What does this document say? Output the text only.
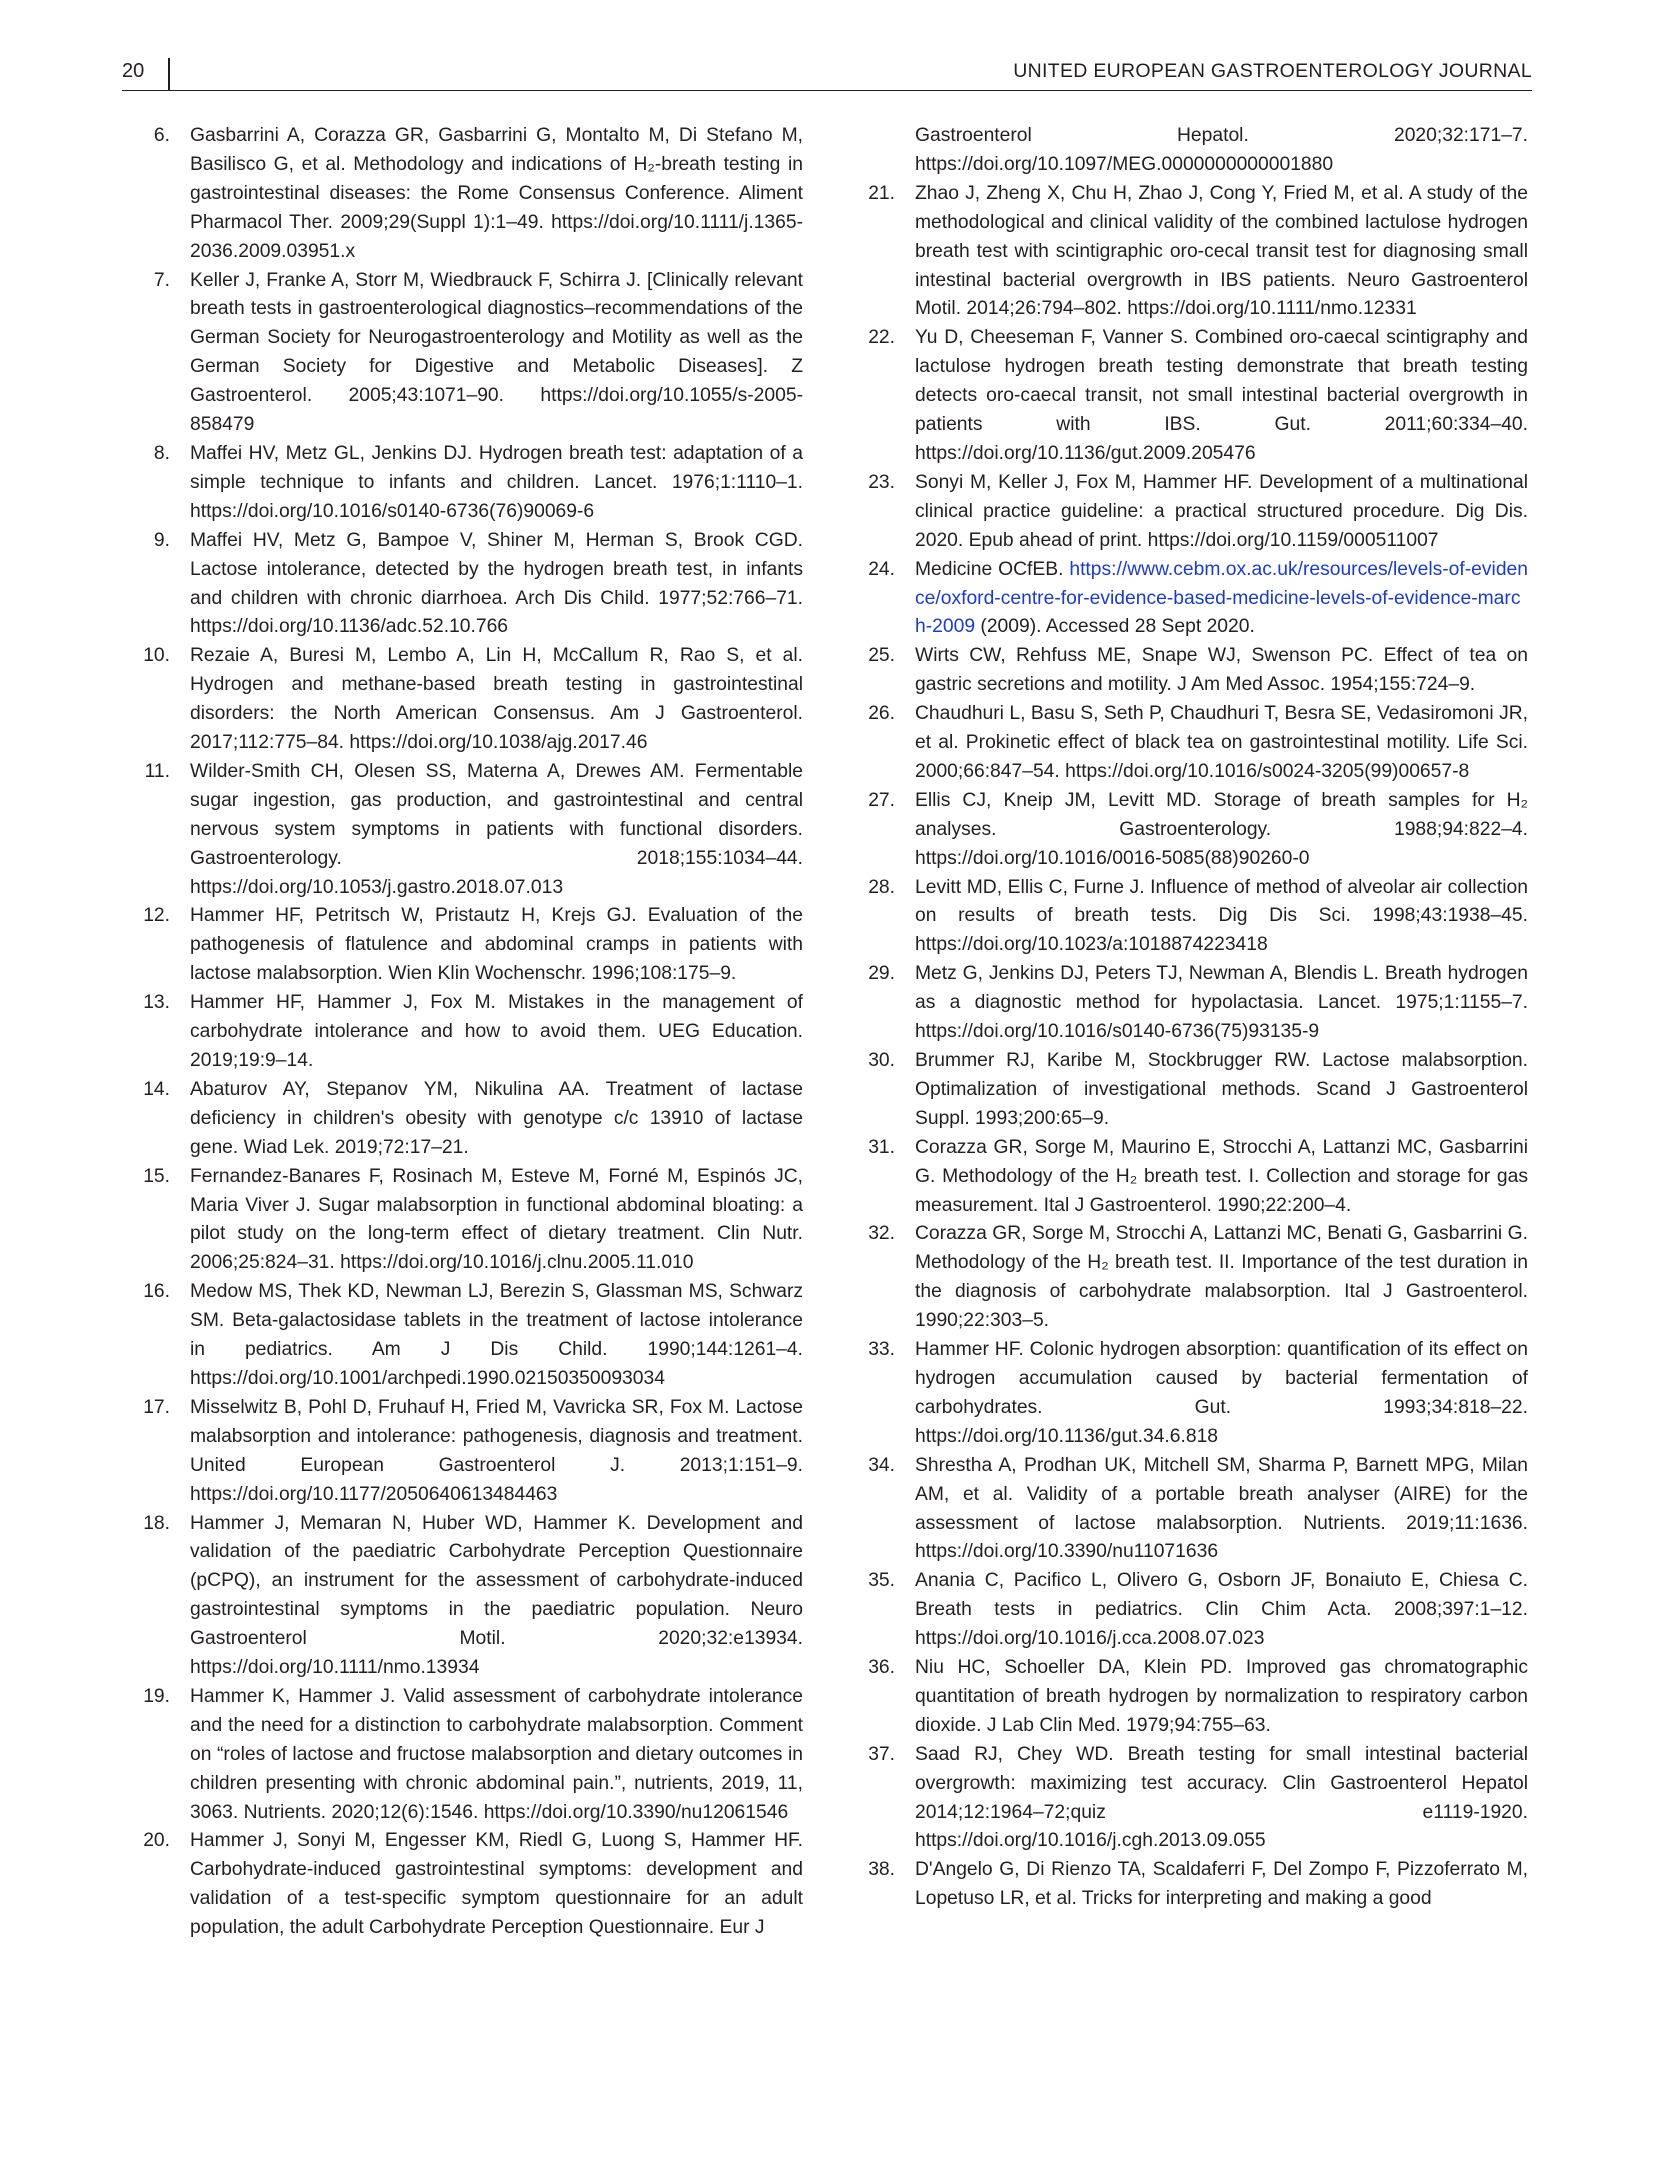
20	UNITED EUROPEAN GASTROENTEROLOGY JOURNAL

6. Gasbarrini A, Corazza GR, Gasbarrini G, Montalto M, Di Stefano M, Basilisco G, et al. Methodology and indications of H₂-breath testing in gastrointestinal diseases: the Rome Consensus Conference. Aliment Pharmacol Ther. 2009;29(Suppl 1):1–49. https://doi.org/10.1111/j.1365-2036.2009.03951.x

7. Keller J, Franke A, Storr M, Wiedbrauck F, Schirra J. [Clinically relevant breath tests in gastroenterological diagnostics–recommendations of the German Society for Neurogastroenterology and Motility as well as the German Society for Digestive and Metabolic Diseases]. Z Gastroenterol. 2005;43:1071–90. https://doi.org/10.1055/s-2005-858479

8. Maffei HV, Metz GL, Jenkins DJ. Hydrogen breath test: adaptation of a simple technique to infants and children. Lancet. 1976;1:1110–1. https://doi.org/10.1016/s0140-6736(76)90069-6

9. Maffei HV, Metz G, Bampoe V, Shiner M, Herman S, Brook CGD. Lactose intolerance, detected by the hydrogen breath test, in infants and children with chronic diarrhoea. Arch Dis Child. 1977;52:766–71. https://doi.org/10.1136/adc.52.10.766

10. Rezaie A, Buresi M, Lembo A, Lin H, McCallum R, Rao S, et al. Hydrogen and methane-based breath testing in gastrointestinal disorders: the North American Consensus. Am J Gastroenterol. 2017;112:775–84. https://doi.org/10.1038/ajg.2017.46

11. Wilder-Smith CH, Olesen SS, Materna A, Drewes AM. Fermentable sugar ingestion, gas production, and gastrointestinal and central nervous system symptoms in patients with functional disorders. Gastroenterology. 2018;155:1034–44. https://doi.org/10.1053/j.gastro.2018.07.013

12. Hammer HF, Petritsch W, Pristautz H, Krejs GJ. Evaluation of the pathogenesis of flatulence and abdominal cramps in patients with lactose malabsorption. Wien Klin Wochenschr. 1996;108:175–9.

13. Hammer HF, Hammer J, Fox M. Mistakes in the management of carbohydrate intolerance and how to avoid them. UEG Education. 2019;19:9–14.

14. Abaturov AY, Stepanov YM, Nikulina AA. Treatment of lactase deficiency in children's obesity with genotype c/c 13910 of lactase gene. Wiad Lek. 2019;72:17–21.

15. Fernandez-Banares F, Rosinach M, Esteve M, Forné M, Espinós JC, Maria Viver J. Sugar malabsorption in functional abdominal bloating: a pilot study on the long-term effect of dietary treatment. Clin Nutr. 2006;25:824–31. https://doi.org/10.1016/j.clnu.2005.11.010

16. Medow MS, Thek KD, Newman LJ, Berezin S, Glassman MS, Schwarz SM. Beta-galactosidase tablets in the treatment of lactose intolerance in pediatrics. Am J Dis Child. 1990;144:1261–4. https://doi.org/10.1001/archpedi.1990.02150350093034

17. Misselwitz B, Pohl D, Fruhauf H, Fried M, Vavricka SR, Fox M. Lactose malabsorption and intolerance: pathogenesis, diagnosis and treatment. United European Gastroenterol J. 2013;1:151–9. https://doi.org/10.1177/2050640613484463

18. Hammer J, Memaran N, Huber WD, Hammer K. Development and validation of the paediatric Carbohydrate Perception Questionnaire (pCPQ), an instrument for the assessment of carbohydrate-induced gastrointestinal symptoms in the paediatric population. Neuro Gastroenterol Motil. 2020;32:e13934. https://doi.org/10.1111/nmo.13934

19. Hammer K, Hammer J. Valid assessment of carbohydrate intolerance and the need for a distinction to carbohydrate malabsorption. Comment on “roles of lactose and fructose malabsorption and dietary outcomes in children presenting with chronic abdominal pain.”, nutrients, 2019, 11, 3063. Nutrients. 2020;12(6):1546. https://doi.org/10.3390/nu12061546

20. Hammer J, Sonyi M, Engesser KM, Riedl G, Luong S, Hammer HF. Carbohydrate-induced gastrointestinal symptoms: development and validation of a test-specific symptom questionnaire for an adult population, the adult Carbohydrate Perception Questionnaire. Eur J

Gastroenterol Hepatol. 2020;32:171–7. https://doi.org/10.1097/MEG.0000000000001880

21. Zhao J, Zheng X, Chu H, Zhao J, Cong Y, Fried M, et al. A study of the methodological and clinical validity of the combined lactulose hydrogen breath test with scintigraphic oro-cecal transit test for diagnosing small intestinal bacterial overgrowth in IBS patients. Neuro Gastroenterol Motil. 2014;26:794–802. https://doi.org/10.1111/nmo.12331

22. Yu D, Cheeseman F, Vanner S. Combined oro-caecal scintigraphy and lactulose hydrogen breath testing demonstrate that breath testing detects oro-caecal transit, not small intestinal bacterial overgrowth in patients with IBS. Gut. 2011;60:334–40. https://doi.org/10.1136/gut.2009.205476

23. Sonyi M, Keller J, Fox M, Hammer HF. Development of a multinational clinical practice guideline: a practical structured procedure. Dig Dis. 2020. Epub ahead of print. https://doi.org/10.1159/000511007

24. Medicine OCfEB. https://www.cebm.ox.ac.uk/resources/levels-of-evidence/oxford-centre-for-evidence-based-medicine-levels-of-evidence-march-2009 (2009). Accessed 28 Sept 2020.

25. Wirts CW, Rehfuss ME, Snape WJ, Swenson PC. Effect of tea on gastric secretions and motility. J Am Med Assoc. 1954;155:724–9.

26. Chaudhuri L, Basu S, Seth P, Chaudhuri T, Besra SE, Vedasiromoni JR, et al. Prokinetic effect of black tea on gastrointestinal motility. Life Sci. 2000;66:847–54. https://doi.org/10.1016/s0024-3205(99)00657-8

27. Ellis CJ, Kneip JM, Levitt MD. Storage of breath samples for H₂ analyses. Gastroenterology. 1988;94:822–4. https://doi.org/10.1016/0016-5085(88)90260-0

28. Levitt MD, Ellis C, Furne J. Influence of method of alveolar air collection on results of breath tests. Dig Dis Sci. 1998;43:1938–45. https://doi.org/10.1023/a:1018874223418

29. Metz G, Jenkins DJ, Peters TJ, Newman A, Blendis L. Breath hydrogen as a diagnostic method for hypolactasia. Lancet. 1975;1:1155–7. https://doi.org/10.1016/s0140-6736(75)93135-9

30. Brummer RJ, Karibe M, Stockbrugger RW. Lactose malabsorption. Optimalization of investigational methods. Scand J Gastroenterol Suppl. 1993;200:65–9.

31. Corazza GR, Sorge M, Maurino E, Strocchi A, Lattanzi MC, Gasbarrini G. Methodology of the H₂ breath test. I. Collection and storage for gas measurement. Ital J Gastroenterol. 1990;22:200–4.

32. Corazza GR, Sorge M, Strocchi A, Lattanzi MC, Benati G, Gasbarrini G. Methodology of the H₂ breath test. II. Importance of the test duration in the diagnosis of carbohydrate malabsorption. Ital J Gastroenterol. 1990;22:303–5.

33. Hammer HF. Colonic hydrogen absorption: quantification of its effect on hydrogen accumulation caused by bacterial fermentation of carbohydrates. Gut. 1993;34:818–22. https://doi.org/10.1136/gut.34.6.818

34. Shrestha A, Prodhan UK, Mitchell SM, Sharma P, Barnett MPG, Milan AM, et al. Validity of a portable breath analyser (AIRE) for the assessment of lactose malabsorption. Nutrients. 2019;11:1636. https://doi.org/10.3390/nu11071636

35. Anania C, Pacifico L, Olivero G, Osborn JF, Bonaiuto E, Chiesa C. Breath tests in pediatrics. Clin Chim Acta. 2008;397:1–12. https://doi.org/10.1016/j.cca.2008.07.023

36. Niu HC, Schoeller DA, Klein PD. Improved gas chromatographic quantitation of breath hydrogen by normalization to respiratory carbon dioxide. J Lab Clin Med. 1979;94:755–63.

37. Saad RJ, Chey WD. Breath testing for small intestinal bacterial overgrowth: maximizing test accuracy. Clin Gastroenterol Hepatol 2014;12:1964–72;quiz e1119-1920. https://doi.org/10.1016/j.cgh.2013.09.055

38. D'Angelo G, Di Rienzo TA, Scaldaferri F, Del Zompo F, Pizzoferrato M, Lopetuso LR, et al. Tricks for interpreting and making a good
